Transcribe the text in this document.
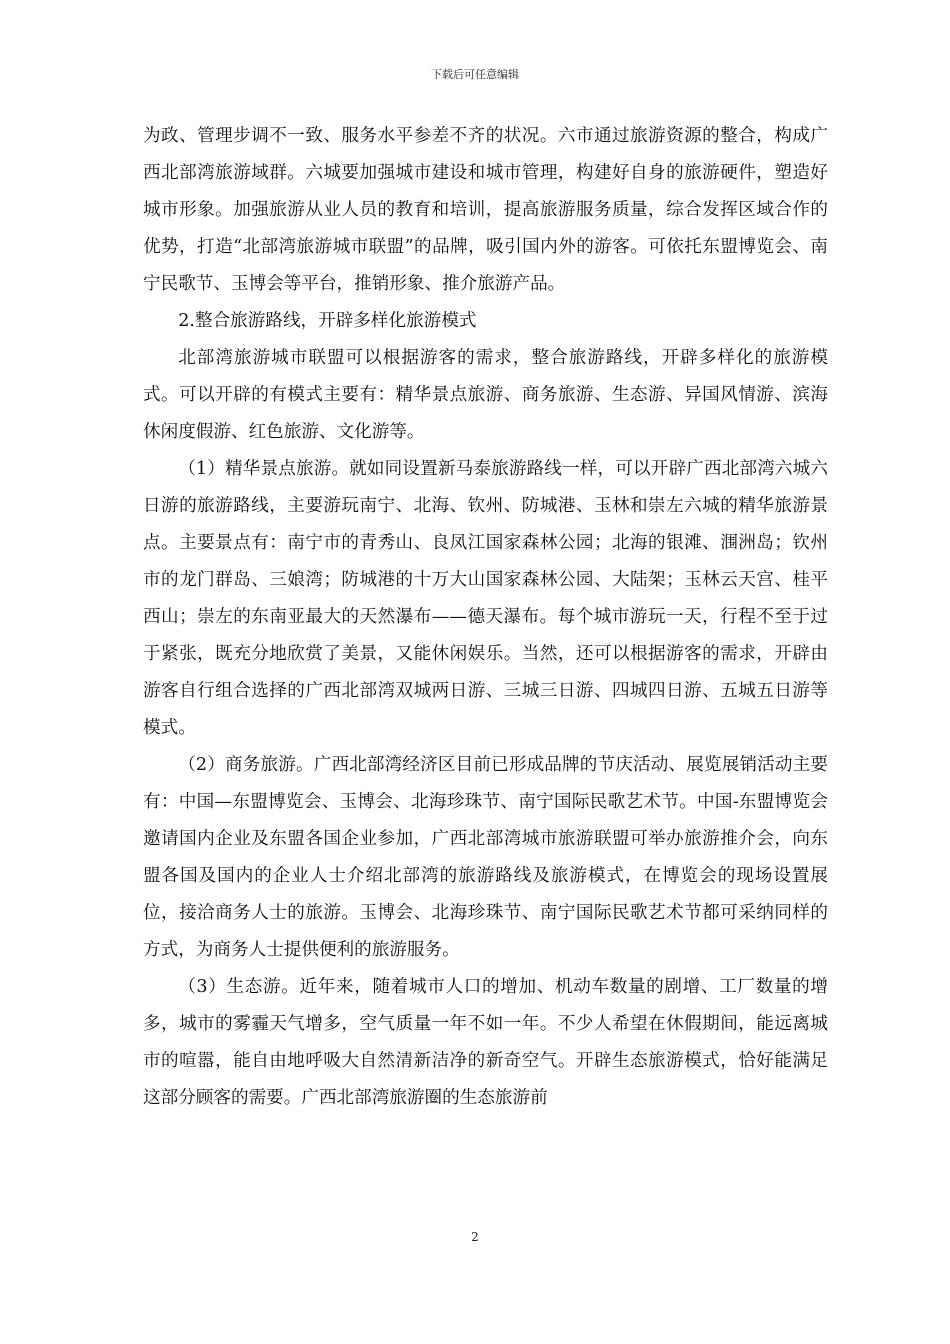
下载后可任意编辑

为政、管理步调不一致、服务水平参差不齐的状况。六市通过旅游资源的整合，构成广西北部湾旅游域群。六城要加强城市建设和城市管理，构建好自身的旅游硬件，塑造好城市形象。加强旅游从业人员的教育和培训，提高旅游服务质量，综合发挥区域合作的优势，打造“北部湾旅游城市联盟”的品牌，吸引国内外的游客。可依托东盟博览会、南宁民歌节、玉博会等平台，推销形象、推介旅游产品。

2.整合旅游路线，开辟多样化旅游模式

北部湾旅游城市联盟可以根据游客的需求，整合旅游路线，开辟多样化的旅游模式。可以开辟的有模式主要有：精华景点旅游、商务旅游、生态游、异国风情游、滨海休闲度假游、红色旅游、文化游等。

（1）精华景点旅游。就如同设置新马泰旅游路线一样，可以开辟广西北部湾六城六日游的旅游路线，主要游玩南宁、北海、钦州、防城港、玉林和崇左六城的精华旅游景点。主要景点有：南宁市的青秀山、良凤江国家森林公园；北海的银滩、涠洲岛；钦州市的龙门群岛、三娘湾；防城港的十万大山国家森林公园、大陆架；玉林云天宫、桂平西山；崇左的东南亚最大的天然瀑布——德天瀑布。每个城市游玩一天，行程不至于过于紧张，既充分地欣赏了美景，又能休闲娱乐。当然，还可以根据游客的需求，开辟由游客自行组合选择的广西北部湾双城两日游、三城三日游、四城四日游、五城五日游等模式。

（2）商务旅游。广西北部湾经济区目前已形成品牌的节庆活动、展览展销活动主要有：中国—东盟博览会、玉博会、北海珍珠节、南宁国际民歌艺术节。中国-东盟博览会邀请国内企业及东盟各国企业参加，广西北部湾城市旅游联盟可举办旅游推介会，向东盟各国及国内的企业人士介绍北部湾的旅游路线及旅游模式，在博览会的现场设置展位，接洽商务人士的旅游。玉博会、北海珍珠节、南宁国际民歌艺术节都可采纳同样的方式，为商务人士提供便利的旅游服务。

（3）生态游。近年来，随着城市人口的增加、机动车数量的剧增、工厂数量的增多，城市的雾霾天气增多，空气质量一年不如一年。不少人希望在休假期间，能远离城市的喧嚣，能自由地呼吸大自然清新洁净的新奇空气。开辟生态旅游模式，恰好能满足这部分顾客的需要。广西北部湾旅游圈的生态旅游前

2
